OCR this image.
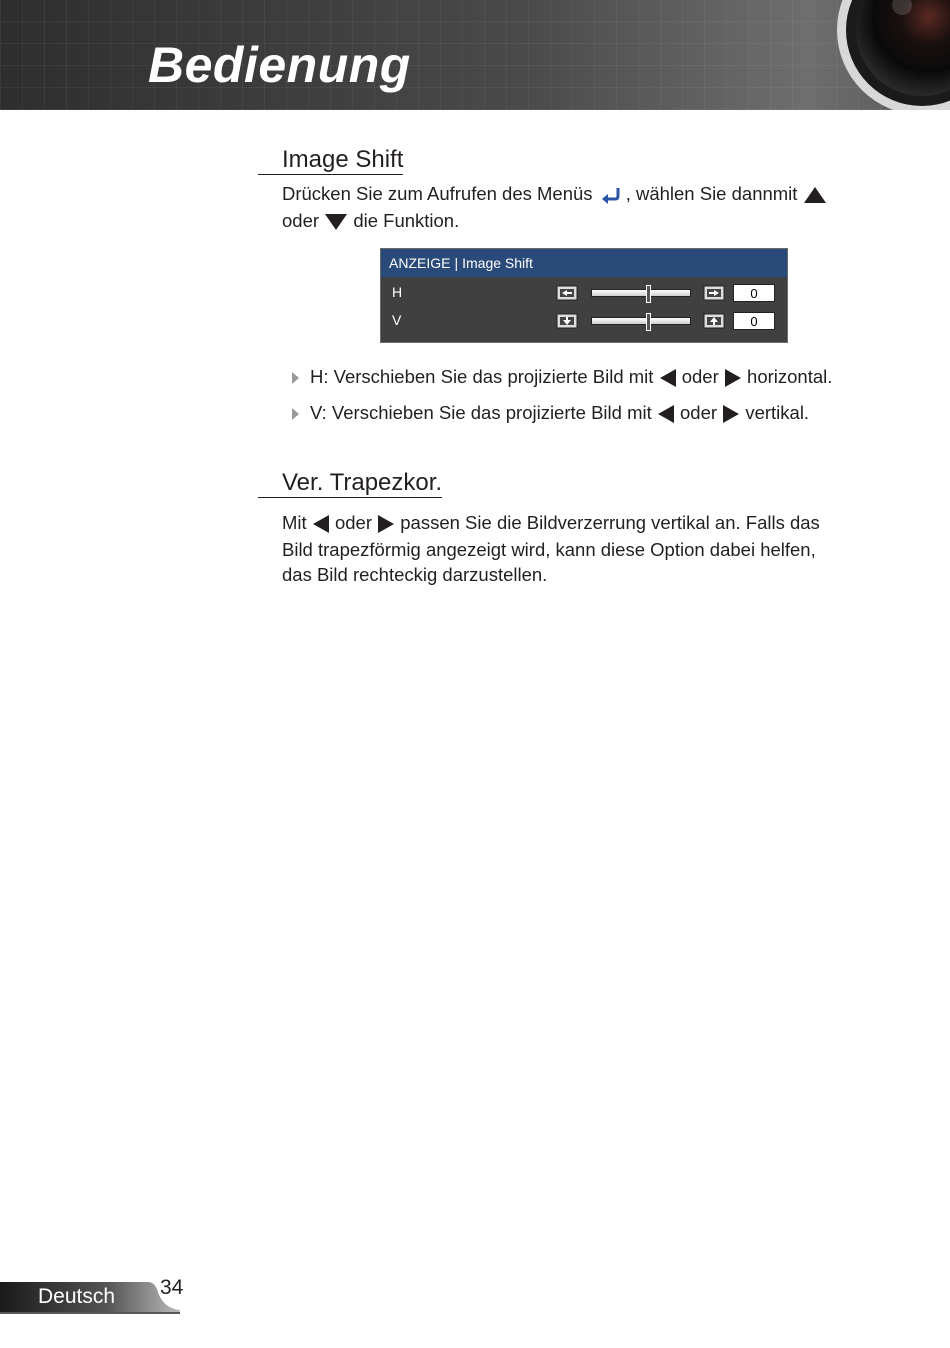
Bedienung
Image Shift
Drücken Sie zum Aufrufen des Menüs , wählen Sie dannmit
oder die Funktion.
ANZEIGE | Image Shift
H	0
V	0
H: Verschieben Sie das projizierte Bild mit oder horizontal.
V: Verschieben Sie das projizierte Bild mit oder vertikal.
Ver. Trapezkor.
Mit oder passen Sie die Bildverzerrung vertikal an. Falls das
Bild trapezförmig angezeigt wird, kann diese Option dabei helfen,
das Bild rechteckig darzustellen.
Deutsch 34
